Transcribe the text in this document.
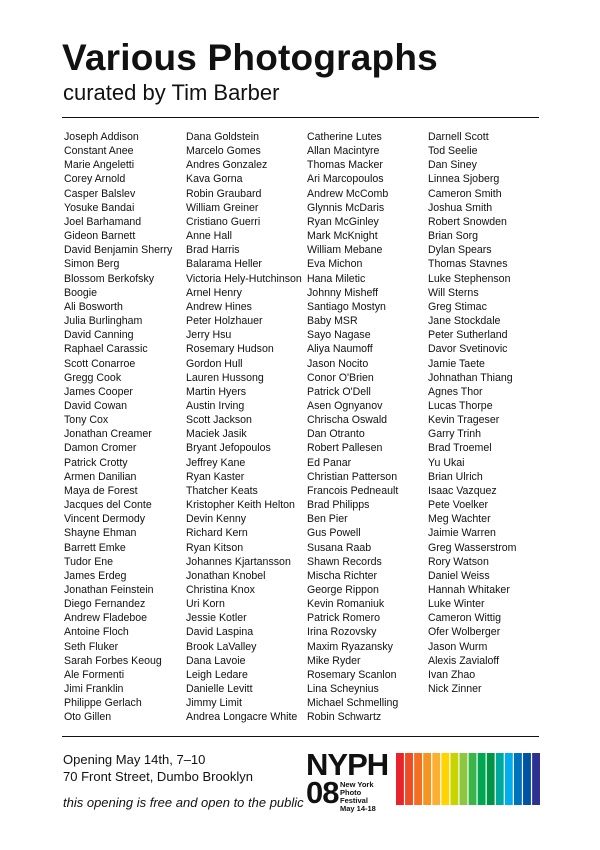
Various Photographs
curated by Tim Barber
Joseph Addison
Constant Anee
Marie Angeletti
Corey Arnold
Casper Balslev
Yosuke Bandai
Joel Barhamand
Gideon Barnett
David Benjamin Sherry
Simon Berg
Blossom Berkofsky
Boogie
Ali Bosworth
Julia Burlingham
David Canning
Raphael Carassic
Scott Conarroe
Gregg Cook
James Cooper
David Cowan
Tony Cox
Jonathan Creamer
Damon Cromer
Patrick Crotty
Armen Danilian
Maya de Forest
Jacques del Conte
Vincent Dermody
Shayne Ehman
Barrett Emke
Tudor Ene
James Erdeg
Jonathan Feinstein
Diego Fernandez
Andrew Fladeboe
Antoine Floch
Seth Fluker
Sarah Forbes Keoug
Ale Formenti
Jimi Franklin
Philippe Gerlach
Oto Gillen
Dana Goldstein
Marcelo Gomes
Andres Gonzalez
Kava Gorna
Robin Graubard
William Greiner
Cristiano Guerri
Anne Hall
Brad Harris
Balarama Heller
Victoria Hely-Hutchinson
Arnel Henry
Andrew Hines
Peter Holzhauer
Jerry Hsu
Rosemary Hudson
Gordon Hull
Lauren Hussong
Martin Hyers
Austin Irving
Scott Jackson
Maciek Jasik
Bryant Jefopoulos
Jeffrey Kane
Ryan Kaster
Thatcher Keats
Kristopher Keith Helton
Devin Kenny
Richard Kern
Ryan Kitson
Johannes Kjartansson
Jonathan Knobel
Christina Knox
Uri Korn
Jessie Kotler
David Laspina
Brook LaValley
Dana Lavoie
Leigh Ledare
Danielle Levitt
Jimmy Limit
Andrea Longacre White
Catherine Lutes
Allan Macintyre
Thomas Macker
Ari Marcopoulos
Andrew McComb
Glynnis McDaris
Ryan McGinley
Mark McKnight
William Mebane
Eva Michon
Hana Miletic
Johnny Misheff
Santiago Mostyn
Baby MSR
Sayo Nagase
Aliya Naumoff
Jason Nocito
Conor O'Brien
Patrick O'Dell
Asen Ognyanov
Chrischa Oswald
Dan Otranto
Robert Pallesen
Ed Panar
Christian Patterson
Francois Pedneault
Brad Philipps
Ben Pier
Gus Powell
Susana Raab
Shawn Records
Mischa Richter
George Rippon
Kevin Romaniuk
Patrick Romero
Irina Rozovsky
Maxim Ryazansky
Mike Ryder
Rosemary Scanlon
Lina Scheynius
Michael Schmelling
Robin Schwartz
Darnell Scott
Tod Seelie
Dan Siney
Linnea Sjoberg
Cameron Smith
Joshua Smith
Robert Snowden
Brian Sorg
Dylan Spears
Thomas Stavnes
Luke Stephenson
Will Sterns
Greg Stimac
Jane Stockdale
Peter Sutherland
Davor Svetinovic
Jamie Taete
Johnathan Thiang
Agnes Thor
Lucas Thorpe
Kevin Trageser
Garry Trinh
Brad Troemel
Yu Ukai
Brian Ulrich
Isaac Vazquez
Pete Voelker
Meg Wachter
Jaimie Warren
Greg Wasserstrom
Rory Watson
Daniel Weiss
Hannah Whitaker
Luke Winter
Cameron Wittig
Ofer Wolberger
Jason Wurm
Alexis Zavialoff
Ivan Zhao
Nick Zinner

Opening May 14th, 7–10

70 Front Street, Dumbo Brooklyn

this opening is free and open to the public

NYPH
08 New York
Photo Festival
May 14-18
